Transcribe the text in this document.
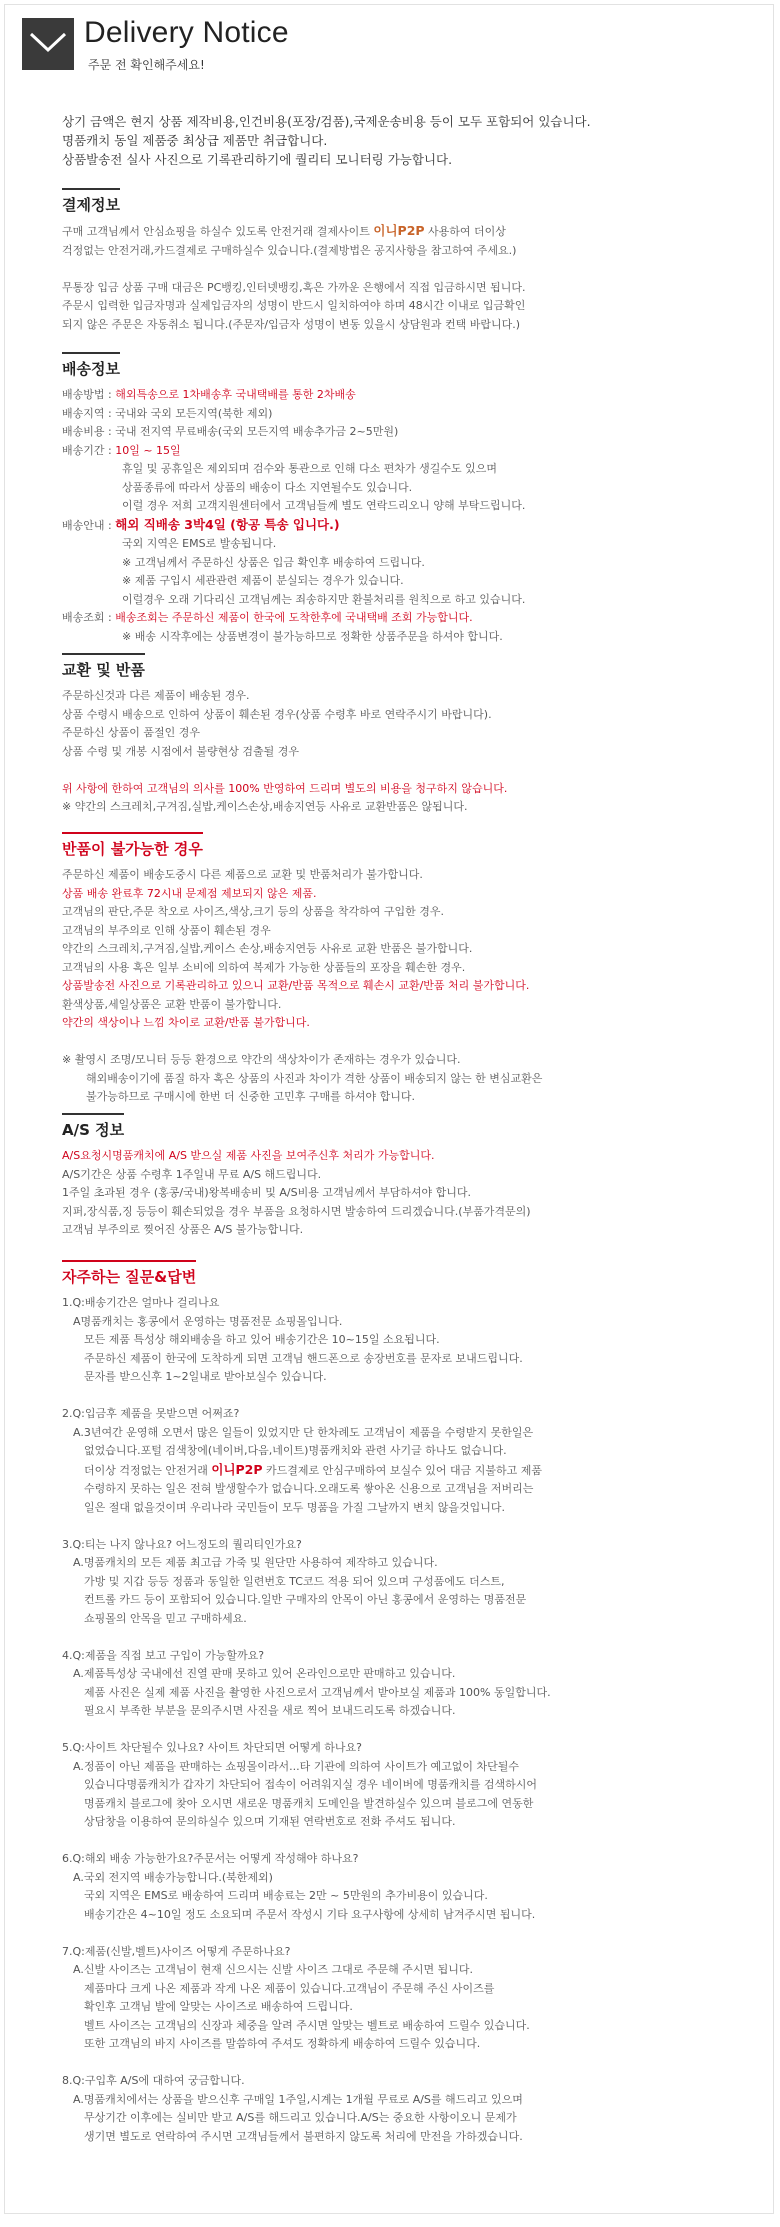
Delivery Notice
주문 전 확인해주세요!
상기 금액은 현지 상품 제작비용,인건비용(포장/검품),국제운송비용 등이 모두 포함되어 있습니다.
명품캐치 동일 제품중 최상급 제품만 취급합니다.
상품발송전 실사 사진으로 기록관리하기에 퀄리티 모니터링 가능합니다.
결제정보
구매 고객님께서 안심쇼핑을 하실수 있도록 안전거래 결제사이트 이니P2P 사용하여 더이상
걱정없는 안전거래,카드결제로 구매하실수 있습니다.(결제방법은 공지사항을 참고하여 주세요.)
무통장 입금 상품 구매 대금은 PC뱅킹,인터넷뱅킹,혹은 가까운 은행에서 직접 입금하시면 됩니다.
주문시 입력한 입금자명과 실제입금자의 성명이 반드시 일치하여야 하며 48시간 이내로 입금확인
되지 않은 주문은 자동취소 됩니다.(주문자/입금자 성명이 변동 있을시 상담원과 컨택 바랍니다.)
배송정보
배송방법 : 해외특송으로 1차배송후 국내택배를 통한 2차배송
배송지역 : 국내와 국외 모든지역(북한 제외)
배송비용 : 국내 전지역 무료배송(국외 모든지역 배송추가금 2~5만원)
배송기간 : 10일 ~ 15일
휴일 및 공휴일은 제외되며 검수와 통관으로 인해 다소 편차가 생길수도 있으며
상품종류에 따라서 상품의 배송이 다소 지연될수도 있습니다.
이럴 경우 저희 고객지원센터에서 고객님들께 별도 연락드리오니 양해 부탁드립니다.
배송안내 : 해외 직배송 3박4일 (항공 특송 입니다.)
국외 지역은 EMS로 발송됩니다.
※ 고객님께서 주문하신 상품은 입금 확인후 배송하여 드립니다.
※ 제품 구입시 세관관련 제품이 분실되는 경우가 있습니다.
이럴경우 오래 기다리신 고객님께는 죄송하지만 환불처리를 원칙으로 하고 있습니다.
배송조회 : 배송조회는 주문하신 제품이 한국에 도착한후에 국내택배 조회 가능합니다.
※ 배송 시작후에는 상품변경이 불가능하므로 정확한 상품주문을 하셔야 합니다.
교환 및 반품
주문하신것과 다른 제품이 배송된 경우.
상품 수령시 배송으로 인하여 상품이 훼손된 경우(상품 수령후 바로 연락주시기 바랍니다).
주문하신 상품이 품절인 경우
상품 수령 및 개봉 시점에서 불량현상 검출될 경우
위 사항에 한하여 고객님의 의사를 100% 반영하여 드리며 별도의 비용을 청구하지 않습니다.
※ 약간의 스크레치,구겨짐,실밥,케이스손상,배송지연등 사유로 교환반품은 않됩니다.
반품이 불가능한 경우
주문하신 제품이 배송도중시 다른 제품으로 교환 및 반품처리가 불가합니다.
상품 배송 완료후 72시내 문제점 제보되지 않은 제품.
고객님의 판단,주문 착오로 사이즈,색상,크기 등의 상품을 착각하여 구입한 경우.
고객님의 부주의로 인해 상품이 훼손된 경우
약간의 스크레치,구겨짐,실밥,케이스 손상,배송지연등 사유로 교환 반품은 불가합니다.
고객님의 사용 혹은 일부 소비에 의하여 복제가 가능한 상품들의 포장을 훼손한 경우.
상품발송전 사진으로 기록관리하고 있으니 교환/반품 목적으로 훼손시 교환/반품 처리 불가합니다.
환색상품,세일상품은 교환 반품이 불가합니다.
약간의 색상이나 느낌 차이로 교환/반품 불가합니다.
※ 촬영시 조명/모니터 등등 환경으로 약간의 색상차이가 존재하는 경우가 있습니다.
해외배송이기에 품질 하자 혹은 상품의 사진과 차이가 격한 상품이 배송되지 않는 한 변심교환은
불가능하므로 구매시에 한번 더 신중한 고민후 구매를 하셔야 합니다.
A/S 정보
A/S요청시명품캐치에 A/S 받으실 제품 사진을 보여주신후 처리가 가능합니다.
A/S기간은 상품 수령후 1주일내 무료 A/S 해드립니다.
1주일 초과된 경우 (홍콩/국내)왕복배송비 및 A/S비용 고객님께서 부담하셔야 합니다.
지퍼,장식품,징 등등이 훼손되었을 경우 부품을 요청하시면 발송하여 드리겠습니다.(부품가격문의)
고객님 부주의로 찢어진 상품은 A/S 불가능합니다.
자주하는 질문&답변
1.Q:배송기간은 얼마나 걸리나요
A명품캐치는 홍콩에서 운영하는 명품전문 쇼핑몰입니다.
모든 제품 특성상 해외배송을 하고 있어 배송기간은 10~15일 소요됩니다.
주문하신 제품이 한국에 도착하게 되면 고객님 핸드폰으로 송장번호를 문자로 보내드립니다.
문자를 받으신후 1~2일내로 받아보실수 있습니다.
2.Q:입금후 제품을 못받으면 어쩌죠?
A.3년여간 운영해 오면서 많은 일들이 있었지만 단 한차례도 고객님이 제품을 수령받지 못한일은
없었습니다.포털 검색창에(네이버,다음,네이트)명품캐치와 관련 사기글 하나도 없습니다.
더이상 걱정없는 안전거래 이니P2P 카드결제로 안심구매하여 보실수 있어 대금 지불하고 제품
수령하지 못하는 일은 전혀 발생할수가 없습니다.오래도록 쌓아온 신용으로 고객님을 저버리는
일은 절대 없을것이며 우리나라 국민들이 모두 명품을 가질 그날까지 변치 않을것입니다.
3.Q:티는 나지 않나요? 어느정도의 퀄리티인가요?
A.명품캐치의 모든 제품 최고급 가죽 및 원단만 사용하여 제작하고 있습니다.
가방 및 지갑 등등 정품과 동일한 일련번호 TC코드 적용 되어 있으며 구성품에도 더스트,
컨트롤 카드 등이 포함되어 있습니다.일반 구매자의 안목이 아닌 홍콩에서 운영하는 명품전문
쇼핑몰의 안목을 믿고 구매하세요.
4.Q:제품을 직접 보고 구입이 가능할까요?
A.제품특성상 국내에선 진열 판매 못하고 있어 온라인으로만 판매하고 있습니다.
제품 사진은 실제 제품 사진을 촬영한 사진으로서 고객님께서 받아보실 제품과 100% 동일합니다.
필요시 부족한 부분을 문의주시면 사진을 새로 찍어 보내드리도록 하겠습니다.
5.Q:사이트 차단될수 있나요? 사이트 차단되면 어떻게 하나요?
A.정품이 아닌 제품을 판매하는 쇼핑몰이라서...타 기관에 의하여 사이트가 예고없이 차단될수
있습니다명품캐치가 갑자기 차단되어 접속이 어려워지실 경우 네이버에 명품캐치를 검색하시어
명품캐치 블로그에 찾아 오시면 새로운 명품캐치 도메인을 발견하실수 있으며 블로그에 연동한
상담창을 이용하여 문의하실수 있으며 기재된 연락번호로 전화 주셔도 됩니다.
6.Q:해외 배송 가능한가요?주문서는 어떻게 작성해야 하나요?
A.국외 전지역 배송가능합니다.(북한제외)
국외 지역은 EMS로 배송하여 드리며 배송료는 2만 ~ 5만원의 추가비용이 있습니다.
배송기간은 4~10일 정도 소요되며 주문서 작성시 기타 요구사항에 상세히 남겨주시면 됩니다.
7.Q:제품(신발,벨트)사이즈 어떻게 주문하나요?
A.신발 사이즈는 고객님이 현재 신으시는 신발 사이즈 그대로 주문해 주시면 됩니다.
제품마다 크게 나온 제품과 작게 나온 제품이 있습니다.고객님이 주문해 주신 사이즈를
확인후 고객님 발에 알맞는 사이즈로 배송하여 드립니다.
벨트 사이즈는 고객님의 신장과 체중을 알려 주시면 알맞는 벨트로 배송하여 드릴수 있습니다.
또한 고객님의 바지 사이즈를 말씀하여 주셔도 정확하게 배송하여 드릴수 있습니다.
8.Q:구입후 A/S에 대하여 궁금합니다.
A.명품캐치에서는 상품을 받으신후 구매일 1주일,시계는 1개월 무료로 A/S를 해드리고 있으며
무상기간 이후에는 실비만 받고 A/S를 해드리고 있습니다.A/S는 중요한 사항이오니 문제가
생기면 별도로 연락하여 주시면 고객님들께서 불편하지 않도록 처리에 만전을 가하겠습니다.
